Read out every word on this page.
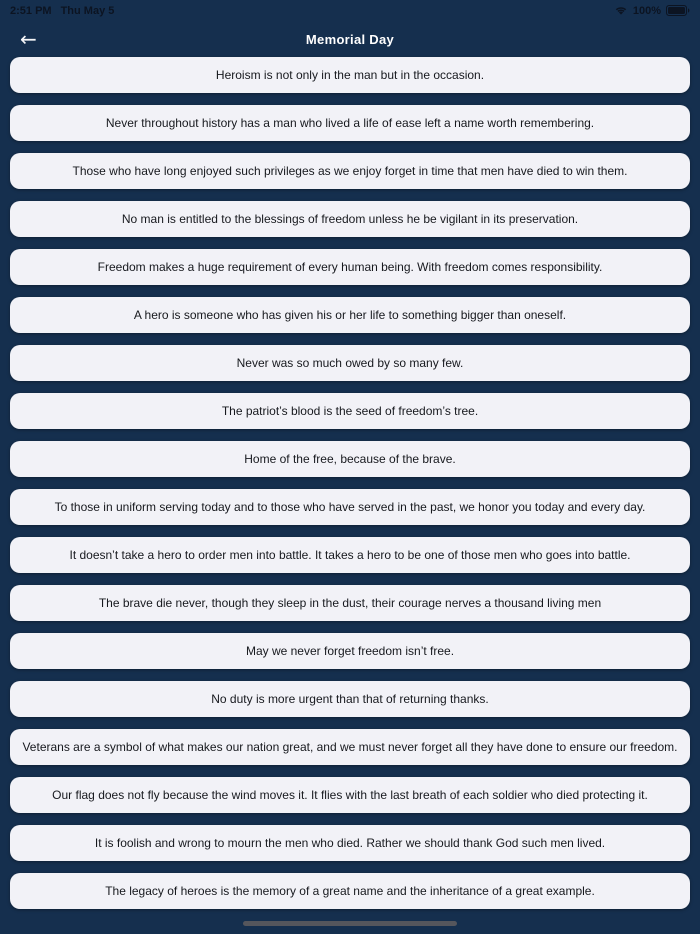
2:51 PM Thu May 5	100%
←	Memorial Day
Heroism is not only in the man but in the occasion.
Never throughout history has a man who lived a life of ease left a name worth remembering.
Those who have long enjoyed such privileges as we enjoy forget in time that men have died to win them.
No man is entitled to the blessings of freedom unless he be vigilant in its preservation.
Freedom makes a huge requirement of every human being. With freedom comes responsibility.
A hero is someone who has given his or her life to something bigger than oneself.
Never was so much owed by so many few.
The patriot’s blood is the seed of freedom’s tree.
Home of the free, because of the brave.
To those in uniform serving today and to those who have served in the past, we honor you today and every day.
It doesn’t take a hero to order men into battle. It takes a hero to be one of those men who goes into battle.
The brave die never, though they sleep in the dust, their courage nerves a thousand living men
May we never forget freedom isn’t free.
No duty is more urgent than that of returning thanks.
Veterans are a symbol of what makes our nation great, and we must never forget all they have done to ensure our freedom.
Our flag does not fly because the wind moves it. It flies with the last breath of each soldier who died protecting it.
It is foolish and wrong to mourn the men who died. Rather we should thank God such men lived.
The legacy of heroes is the memory of a great name and the inheritance of a great example.
